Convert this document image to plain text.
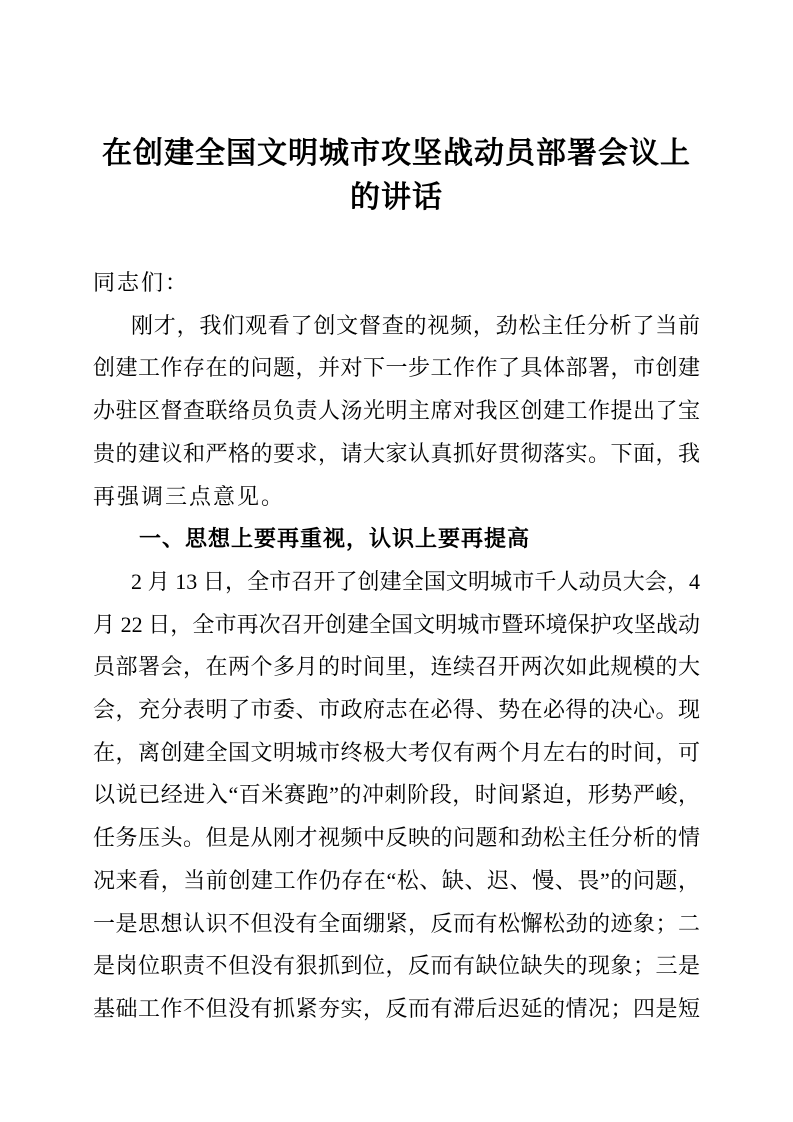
在创建全国文明城市攻坚战动员部署会议上
的讲话
同志们：
刚才，我们观看了创文督查的视频，劲松主任分析了当前
创建工作存在的问题，并对下一步工作作了具体部署，市创建
办驻区督查联络员负责人汤光明主席对我区创建工作提出了宝
贵的建议和严格的要求，请大家认真抓好贯彻落实。下面，我
再强调三点意见。
一、思想上要再重视，认识上要再提高
2 月 13 日，全市召开了创建全国文明城市千人动员大会，4
月 22 日，全市再次召开创建全国文明城市暨环境保护攻坚战动
员部署会，在两个多月的时间里，连续召开两次如此规模的大
会，充分表明了市委、市政府志在必得、势在必得的决心。现
在，离创建全国文明城市终极大考仅有两个月左右的时间，可
以说已经进入“百米赛跑”的冲刺阶段，时间紧迫，形势严峻，
任务压头。但是从刚才视频中反映的问题和劲松主任分析的情
况来看，当前创建工作仍存在“松、缺、迟、慢、畏”的问题，
一是思想认识不但没有全面绷紧，反而有松懈松劲的迹象；二
是岗位职责不但没有狠抓到位，反而有缺位缺失的现象；三是
基础工作不但没有抓紧夯实，反而有滞后迟延的情况；四是短
